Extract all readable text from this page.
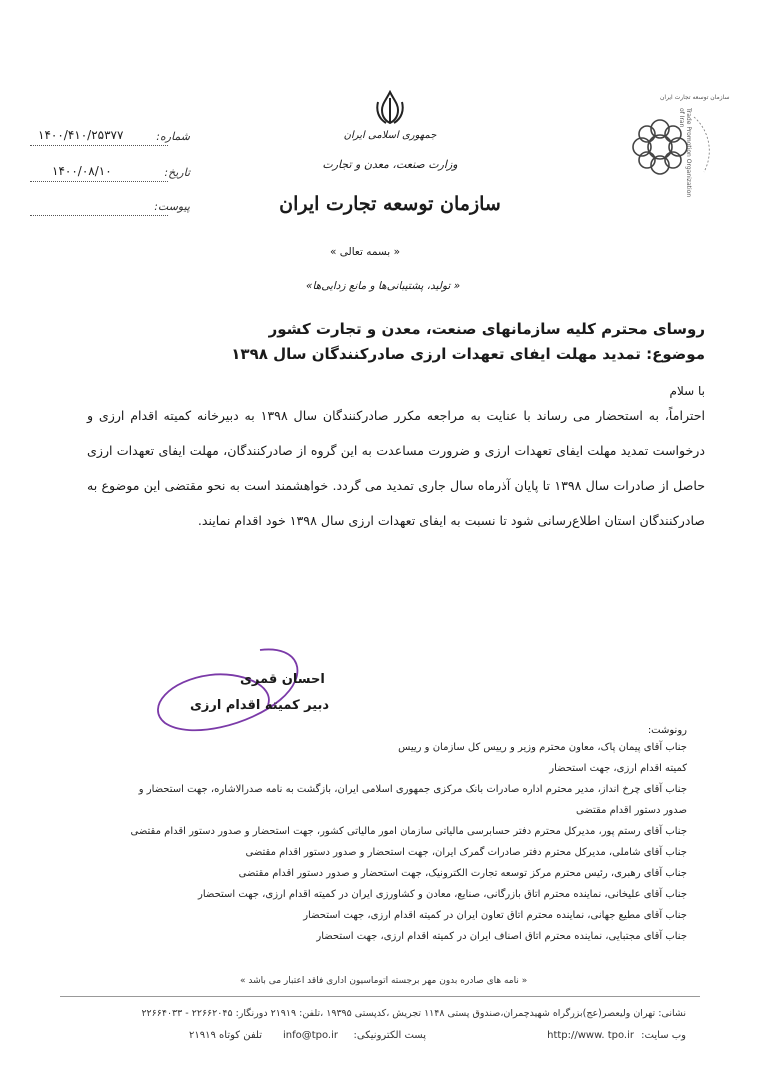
شماره:
۱۴۰۰/۴۱۰/۲۵۳۷۷
تاریخ:
۱۴۰۰/۰۸/۱۰
پیوست:
جمهوری اسلامی ایران
وزارت صنعت، معدن و تجارت
سازمان توسعه تجارت ایران
Trade Promotion Organization of Iran
سازمان توسعه تجارت ایران
« بسمه تعالی »
« تولید، پشتیبانی‌ها و مانع زدایی‌ها»
روسای محترم کلیه سازمانهای صنعت، معدن و تجارت کشور
موضوع: تمدید مهلت ایفای تعهدات ارزی صادرکنندگان سال ۱۳۹۸
با سلام
احتراماً، به استحضار می رساند با عنایت به مراجعه مکرر صادرکنندگان سال ۱۳۹۸ به دبیرخانه کمیته اقدام ارزی و درخواست تمدید مهلت ایفای تعهدات ارزی و ضرورت مساعدت به این گروه از صادرکنندگان، مهلت ایفای تعهدات ارزی حاصل از صادرات سال ۱۳۹۸ تا پایان آذرماه سال جاری تمدید می گردد. خواهشمند است به نحو مقتضی این موضوع به صادرکنندگان استان اطلاع‌رسانی شود تا نسبت به ایفای تعهدات ارزی سال ۱۳۹۸ خود اقدام نمایند.
احسان قمری
دبیر کمیته اقدام ارزی
رونوشت:
جناب آقای پیمان پاک، معاون محترم وزیر و رییس کل سازمان و رییس
کمیته اقدام ارزی، جهت استحضار
جناب آقای چرخ انداز، مدیر محترم اداره صادرات بانک مرکزی جمهوری اسلامی ایران، بازگشت به نامه صدرالاشاره، جهت استحضار و
صدور دستور اقدام مقتضی
جناب آقای رستم پور، مدیرکل محترم دفتر حسابرسی مالیاتی سازمان امور مالیاتی کشور، جهت استحضار و صدور دستور اقدام مقتضی
جناب آقای شاملی، مدیرکل محترم دفتر صادرات گمرک ایران، جهت استحضار و صدور دستور اقدام مقتضی
جناب آقای رهبری، رئیس محترم مرکز توسعه تجارت الکترونیک، جهت استحضار و صدور دستور اقدام مقتضی
جناب آقای علیخانی، نماینده محترم اتاق بازرگانی، صنایع، معادن و کشاورزی ایران در کمیته اقدام ارزی، جهت استحضار
جناب آقای مطیع جهانی، نماینده محترم اتاق تعاون ایران در کمیته اقدام ارزی، جهت استحضار
جناب آقای مجتبایی، نماینده محترم اتاق اصناف ایران در کمیته اقدام ارزی، جهت استحضار
« نامه های صادره بدون مهر برجسته اتوماسیون اداری فاقد اعتبار می باشد »
نشانی: تهران ولیعصر(عج)بزرگراه شهیدچمران،صندوق پستی ۱۱۴۸ تجریش ،کدپستی ۱۹۳۹۵ ،تلفن: ۲۱۹۱۹ دورنگار: ۲۲۶۶۲۰۴۵ - ۲۲۶۶۴۰۳۳
وب سایت:
http://www. tpo.ir
پست الکترونیکی:
info@tpo.ir
تلفن کوتاه ۲۱۹۱۹
